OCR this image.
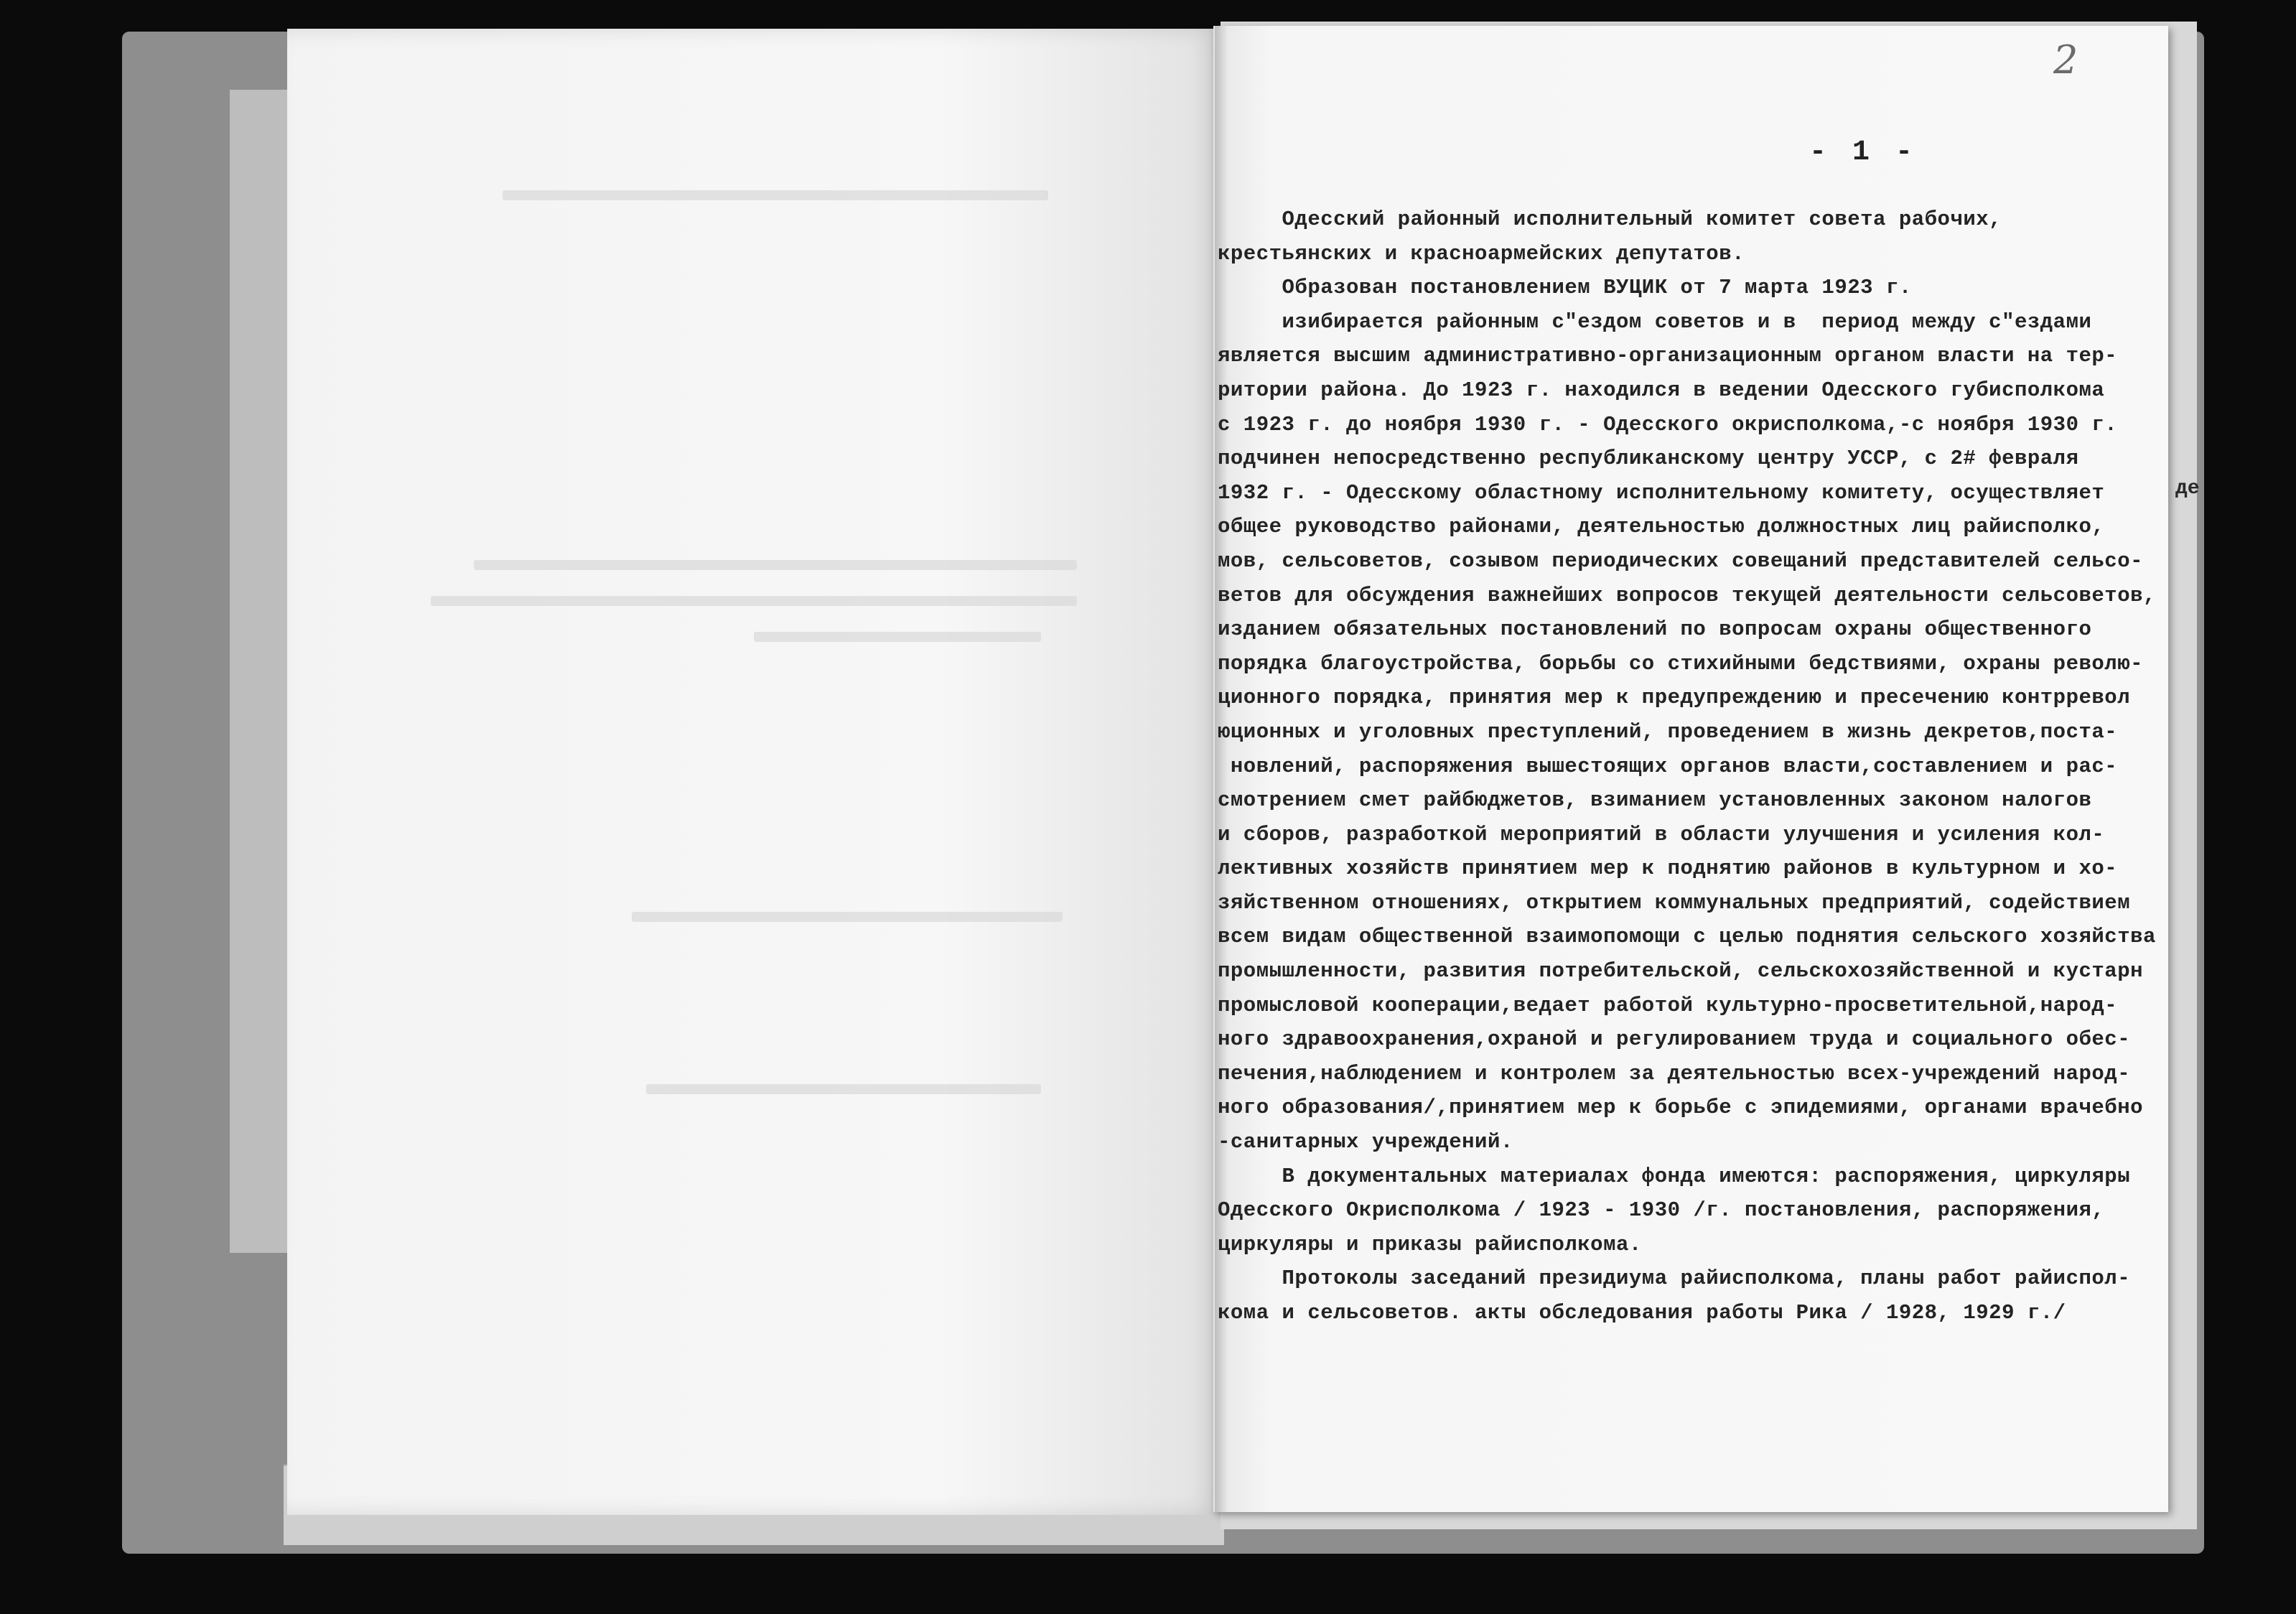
2
- 1 -
Одесский районный исполнительный комитет совета рабочих,
крестьянских и красноармейских депутатов.
Образован постановлением ВУЦИК от 7 марта 1923 г.
изибирается районным с"ездом советов и в  период между с"ездами
является высшим административно-организационным органом власти на тер-
ритории района. До 1923 г. находился в ведении Одесского губисполкома
с 1923 г. до ноября 1930 г. - Одесского окрисполкома,-с ноября 1930 г.
подчинен непосредственно республиканскому центру УССР, с 2# февраля
1932 г. - Одесскому областному исполнительному комитету, осуществляет
общее руководство районами, деятельностью должностных лиц райисполко,
мов, сельсоветов, созывом периодических совещаний представителей сельсо-
ветов для обсуждения важнейших вопросов текущей деятельности сельсоветов,
изданием обязательных постановлений по вопросам охраны общественного
порядка благоустройства, борьбы со стихийными бедствиями, охраны револю-
ционного порядка, принятия мер к предупреждению и пресечению контрревол
юционных и уголовных преступлений, проведением в жизнь декретов,поста-
новлений, распоряжения вышестоящих органов власти,составлением и рас-
смотрением смет райбюджетов, взиманием установленных законом налогов
и сборов, разработкой мероприятий в области улучшения и усиления кол-
лективных хозяйств принятием мер к поднятию районов в культурном и хо-
зяйственном отношениях, открытием коммунальных предприятий, содействием
всем видам общественной взаимопомощи с целью поднятия сельского хозяйства
промышленности, развития потребительской, сельскохозяйственной и кустарн
промысловой кооперации,ведает работой культурно-просветительной,народ-
ного здравоохранения,охраной и регулированием труда и социального обес-
печения,наблюдением и контролем за деятельностью всех-учреждений народ-
ного образования/,принятием мер к борьбе с эпидемиями, органами врачебно
-санитарных учреждений.
В документальных материалах фонда имеются: распоряжения, циркуляры
Одесского Окрисполкома / 1923 - 1930 /г. постановления, распоряжения,
циркуляры и приказы райисполкома.
Протоколы заседаний президиума райисполкома, планы работ райиспол-
кома и сельсоветов. акты обследования работы Рика / 1928, 1929 г./
де
